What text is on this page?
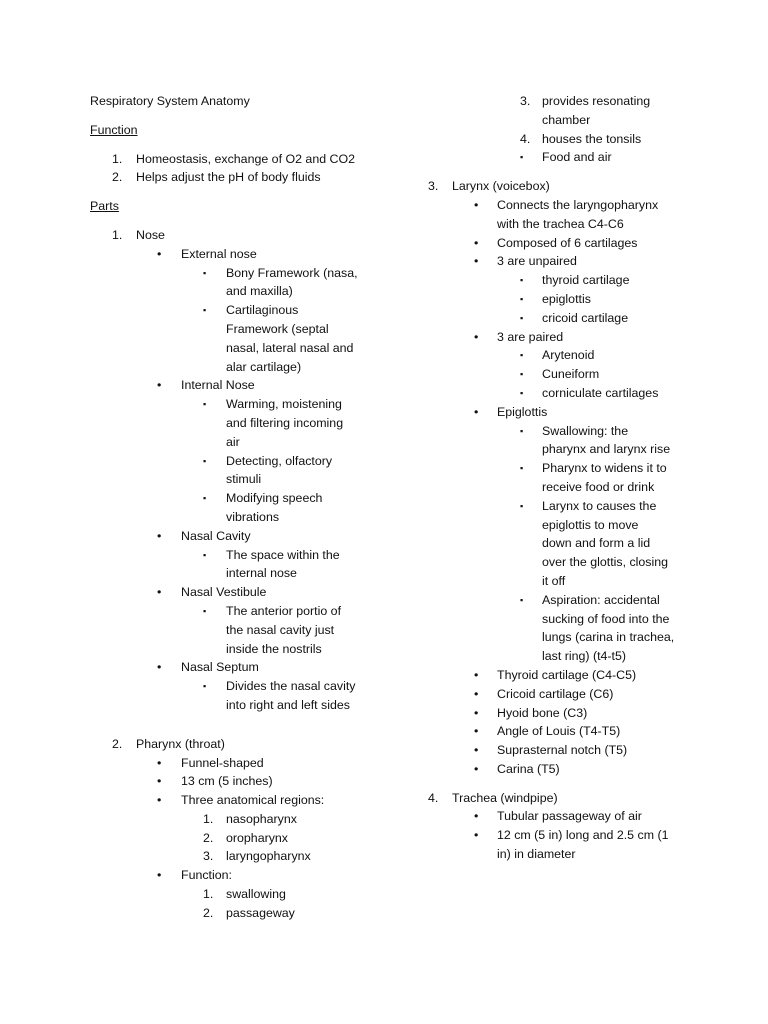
Respiratory System Anatomy
Function
1. Homeostasis, exchange of O2 and CO2
2. Helps adjust the pH of body fluids
Parts
1. Nose
• External nose
▪ Bony Framework (nasa,
and maxilla)
▪ Cartilaginous
Framework (septal
nasal, lateral nasal and
alar cartilage)
• Internal Nose
▪ Warming, moistening
and filtering incoming
air
▪ Detecting, olfactory
stimuli
▪ Modifying speech
vibrations
• Nasal Cavity
▪ The space within the
internal nose
• Nasal Vestibule
▪ The anterior portio of
the nasal cavity just
inside the nostrils
• Nasal Septum
▪ Divides the nasal cavity
into right and left sides
2. Pharynx (throat)
• Funnel-shaped
• 13 cm (5 inches)
• Three anatomical regions:
1. nasopharynx
2. oropharynx
3. laryngopharynx
• Function:
1. swallowing
2. passageway
3. provides resonating
chamber
4. houses the tonsils
▪ Food and air
3. Larynx (voicebox)
• Connects the laryngopharynx
with the trachea C4-C6
• Composed of 6 cartilages
• 3 are unpaired
▪ thyroid cartilage
▪ epiglottis
▪ cricoid cartilage
• 3 are paired
▪ Arytenoid
▪ Cuneiform
▪ corniculate cartilages
• Epiglottis
▪ Swallowing: the
pharynx and larynx rise
▪ Pharynx to widens it to
receive food or drink
▪ Larynx to causes the
epiglottis to move
down and form a lid
over the glottis, closing
it off
▪ Aspiration: accidental
sucking of food into the
lungs (carina in trachea,
last ring) (t4-t5)
• Thyroid cartilage (C4-C5)
• Cricoid cartilage (C6)
• Hyoid bone (C3)
• Angle of Louis (T4-T5)
• Suprasternal notch (T5)
• Carina (T5)
4. Trachea (windpipe)
• Tubular passageway of air
• 12 cm (5 in) long and 2.5 cm (1
in) in diameter
